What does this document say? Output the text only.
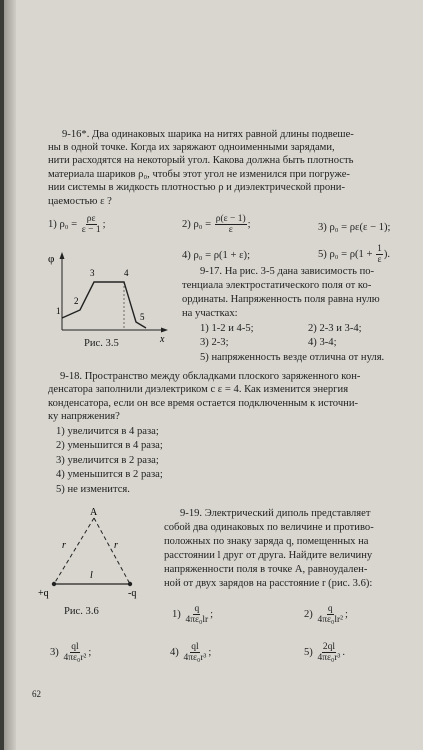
9-16*. Два одинаковых шарика на нитях равной длины подвеше-
ны в одной точке. Когда их заряжают одноименными зарядами,
нити расходятся на некоторый угол. Какова должна быть плотность
материала шариков ρ₀, чтобы этот угол не изменился при погруже-
нии системы в жидкость плотностью ρ и диэлектрической прони-
цаемостью ε ?
1) $\rho_0 = \frac{\rho\varepsilon}{\varepsilon - 1}$ ;	2) $\rho_0 = \frac{\rho(\varepsilon - 1)}{\varepsilon}$ ;	3) ρ₀ = ρε(ε − 1);
4) ρ₀ = ρ(1 + ε);	5) $\rho_0 = \rho(1 + \frac{1}{\varepsilon}$ ).
φ
x
1
2
3	4
5
Рис. 3.5
9-17. На рис. 3-5 дана зависимость по-
тенциала электростатического поля от ко-
ординаты. Напряженность поля равна нулю
на участках:
1) 1-2 и 4-5;	2) 2-3 и 3-4;
3) 2-3;	4) 3-4;
5) напряженность везде отлична от нуля.
9-18. Пространство между обкладками плоского заряженного кон-
денсатора заполнили диэлектриком с ε = 4. Как изменится энергия
конденсатора, если он все время остается подключенным к источни-
ку напряжения?
1) увеличится в 4 раза;
2) уменьшится в 4 раза;
3) увеличится в 2 раза;
4) уменьшится в 2 раза;
5) не изменится.
A
r	r
l
+q	-q
Рис. 3.6
9-19. Электрический диполь представляет
собой два одинаковых по величине и противо-
положных по знаку заряда q, помещенных на
расстоянии l друг от друга. Найдите величину
напряженности поля в точке A, равноудален-
ной от двух зарядов на расстояние r (рис. 3.6):
$1) \frac{q}{\text{4πε₀lr}}$ ;	$2) \frac{q}{\text{4πε₀lr²}}$ ;
$3) \frac{ql}{\text{4πε₀r²}}$ ;	$4) \frac{ql}{\text{4πε₀r³}}$ ;	$5) \frac{2ql}{\text{4πε₀r³}}$ .
62
